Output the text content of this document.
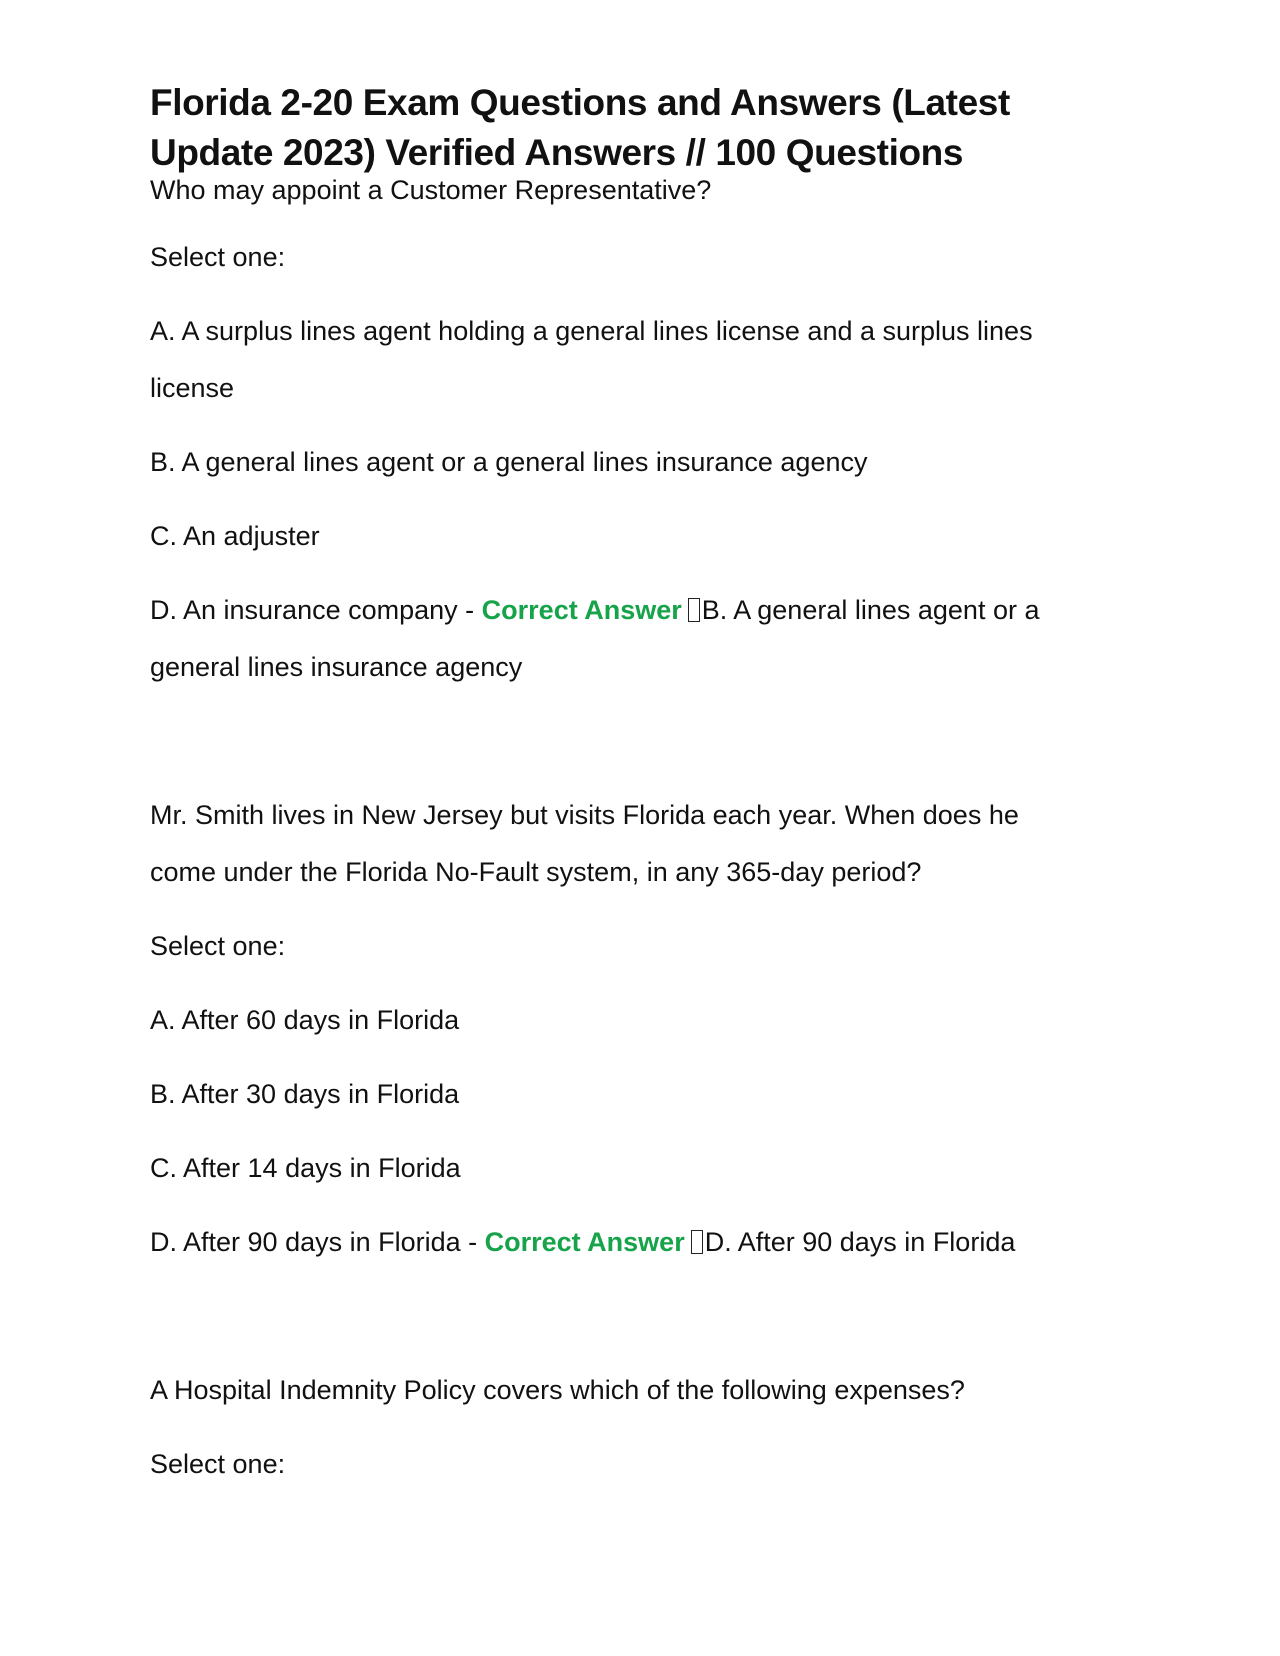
Florida 2-20 Exam Questions and Answers (Latest Update 2023) Verified Answers // 100 Questions

Who may appoint a Customer Representative?

Select one:

A. A surplus lines agent holding a general lines license and a surplus lines license

B. A general lines agent or a general lines insurance agency

C. An adjuster

D. An insurance company - Correct Answer B. A general lines agent or a general lines insurance agency

Mr. Smith lives in New Jersey but visits Florida each year. When does he come under the Florida No-Fault system, in any 365-day period?

Select one:

A. After 60 days in Florida

B. After 30 days in Florida

C. After 14 days in Florida

D. After 90 days in Florida - Correct Answer D. After 90 days in Florida

A Hospital Indemnity Policy covers which of the following expenses?

Select one:
